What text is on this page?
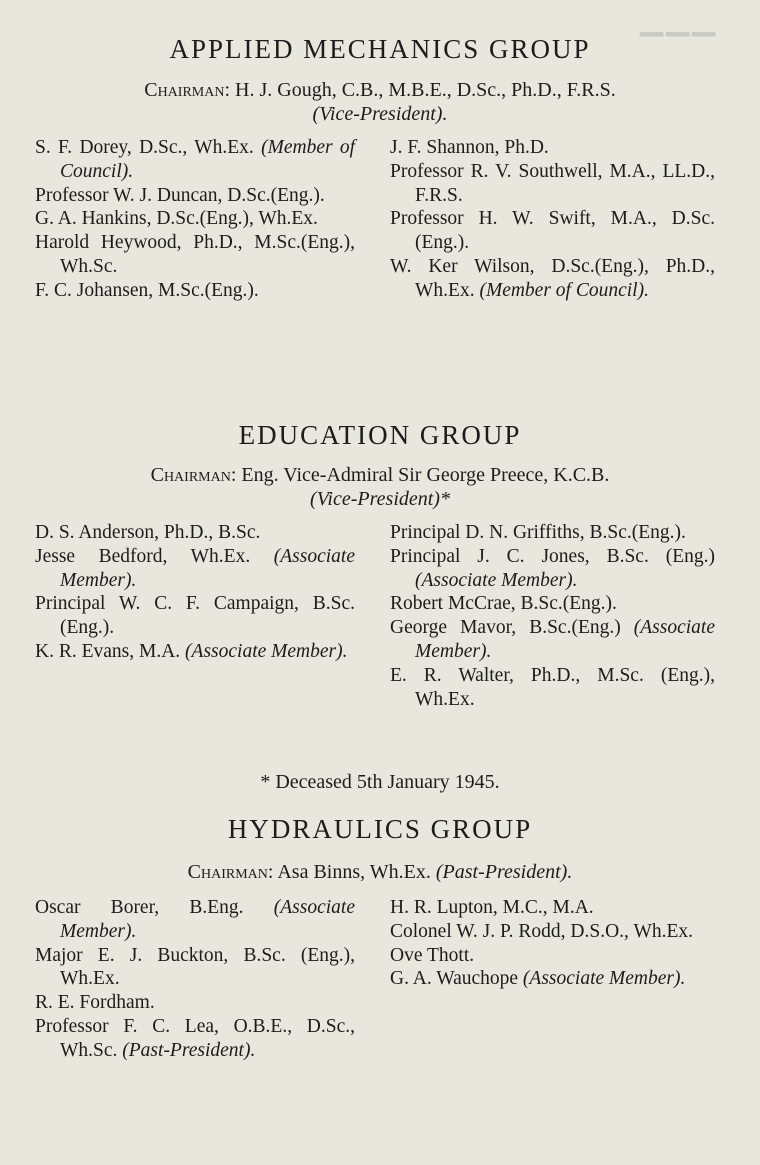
▁▁▁
APPLIED MECHANICS GROUP
Chairman: H. J. Gough, C.B., M.B.E., D.Sc., Ph.D., F.R.S.
(Vice-President).

S. F. Dorey, D.Sc., Wh.Ex. (Member of Council).

Professor W. J. Duncan, D.Sc.(Eng.).

G. A. Hankins, D.Sc.(Eng.), Wh.Ex.

Harold Heywood, Ph.D., M.Sc.(Eng.), Wh.Sc.

F. C. Johansen, M.Sc.(Eng.).

J. F. Shannon, Ph.D.

Professor R. V. Southwell, M.A., LL.D., F.R.S.

Professor H. W. Swift, M.A., D.Sc. (Eng.).

W. Ker Wilson, D.Sc.(Eng.), Ph.D., Wh.Ex. (Member of Council).

EDUCATION GROUP
Chairman: Eng. Vice-Admiral Sir George Preece, K.C.B.
(Vice-President)*

D. S. Anderson, Ph.D., B.Sc.

Jesse Bedford, Wh.Ex. (Associate Member).

Principal W. C. F. Campaign, B.Sc.(Eng.).

K. R. Evans, M.A. (Associate Member).

Principal D. N. Griffiths, B.Sc.(Eng.).

Principal J. C. Jones, B.Sc. (Eng.) (Associate Member).

Robert McCrae, B.Sc.(Eng.).

George Mavor, B.Sc.(Eng.) (Associate Member).

E. R. Walter, Ph.D., M.Sc. (Eng.), Wh.Ex.

* Deceased 5th January 1945.
HYDRAULICS GROUP
Chairman: Asa Binns, Wh.Ex. (Past-President).

Oscar Borer, B.Eng. (Associate Member).

Major E. J. Buckton, B.Sc. (Eng.), Wh.Ex.

R. E. Fordham.

Professor F. C. Lea, O.B.E., D.Sc., Wh.Sc. (Past-President).

H. R. Lupton, M.C., M.A.

Colonel W. J. P. Rodd, D.S.O., Wh.Ex.

Ove Thott.

G. A. Wauchope (Associate Member).
